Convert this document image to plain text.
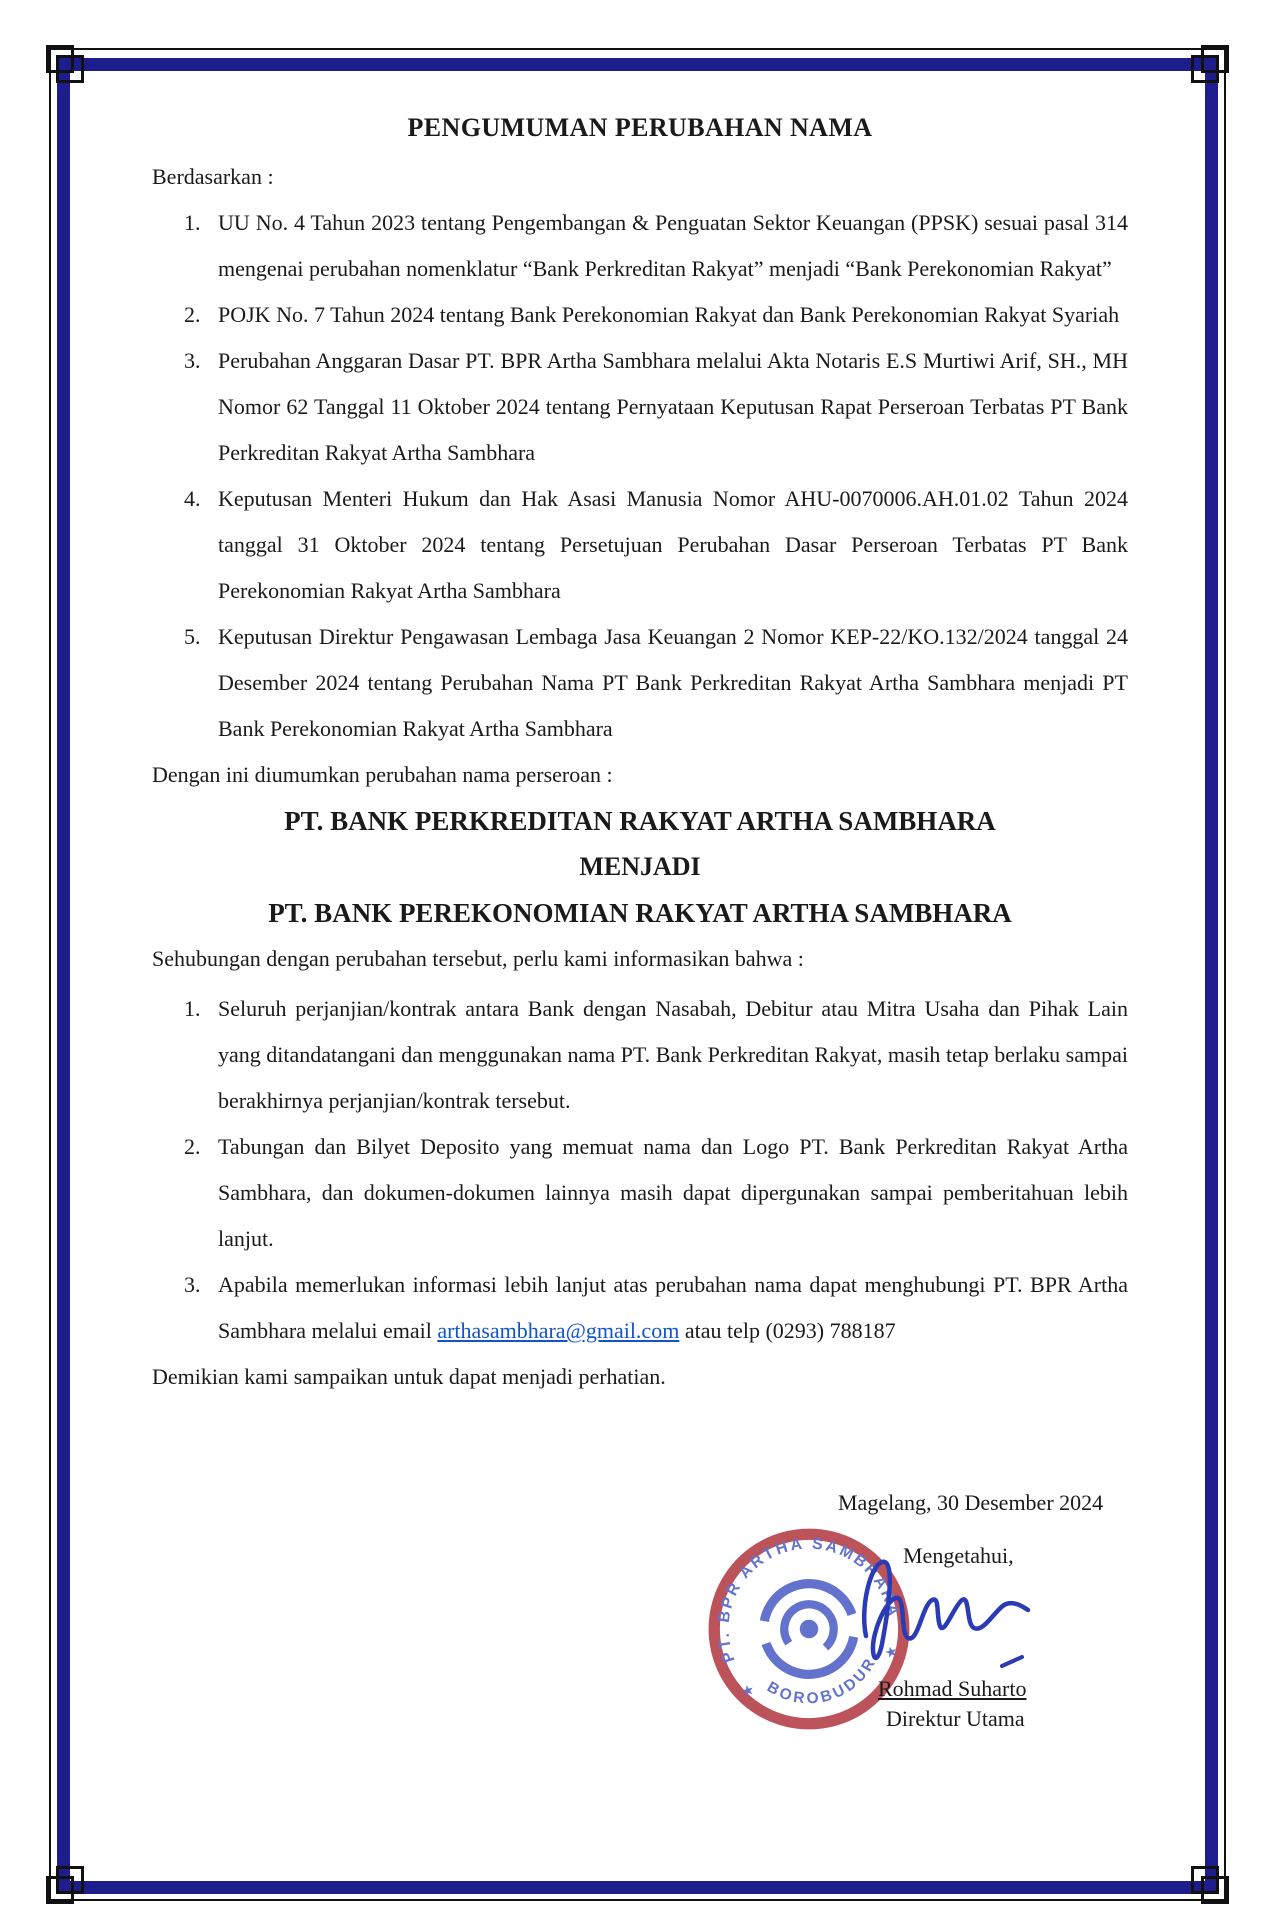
PENGUMUMAN PERUBAHAN NAMA

Berdasarkan :

1. UU No. 4 Tahun 2023 tentang Pengembangan & Penguatan Sektor Keuangan (PPSK) sesuai pasal 314 mengenai perubahan nomenklatur “Bank Perkreditan Rakyat” menjadi “Bank Perekonomian Rakyat”
2. POJK No. 7 Tahun 2024 tentang Bank Perekonomian Rakyat dan Bank Perekonomian Rakyat Syariah
3. Perubahan Anggaran Dasar PT. BPR Artha Sambhara melalui Akta Notaris E.S Murtiwi Arif, SH., MH Nomor 62 Tanggal 11 Oktober 2024 tentang Pernyataan Keputusan Rapat Perseroan Terbatas PT Bank Perkreditan Rakyat Artha Sambhara
4. Keputusan Menteri Hukum dan Hak Asasi Manusia Nomor AHU-0070006.AH.01.02 Tahun 2024 tanggal 31 Oktober 2024 tentang Persetujuan Perubahan Dasar Perseroan Terbatas PT Bank Perekonomian Rakyat Artha Sambhara
5. Keputusan Direktur Pengawasan Lembaga Jasa Keuangan 2 Nomor KEP-22/KO.132/2024 tanggal 24 Desember 2024 tentang Perubahan Nama PT Bank Perkreditan Rakyat Artha Sambhara menjadi PT Bank Perekonomian Rakyat Artha Sambhara

Dengan ini diumumkan perubahan nama perseroan :

PT. BANK PERKREDITAN RAKYAT ARTHA SAMBHARA

MENJADI

PT. BANK PEREKONOMIAN RAKYAT ARTHA SAMBHARA

Sehubungan dengan perubahan tersebut, perlu kami informasikan bahwa :

1. Seluruh perjanjian/kontrak antara Bank dengan Nasabah, Debitur atau Mitra Usaha dan Pihak Lain yang ditandatangani dan menggunakan nama PT. Bank Perkreditan Rakyat, masih tetap berlaku sampai berakhirnya perjanjian/kontrak tersebut.
2. Tabungan dan Bilyet Deposito yang memuat nama dan Logo PT. Bank Perkreditan Rakyat Artha Sambhara, dan dokumen-dokumen lainnya masih dapat dipergunakan sampai pemberitahuan lebih lanjut.
3. Apabila memerlukan informasi lebih lanjut atas perubahan nama dapat menghubungi PT. BPR Artha Sambhara melalui email arthasambhara@gmail.com atau telp (0293) 788187

Demikian kami sampaikan untuk dapat menjadi perhatian.

PT. BPR ARTHA SAMBHARA
BOROBUDUR
★
★

Magelang, 30 Desember 2024

Mengetahui,

Rohmad Suharto

Direktur Utama
